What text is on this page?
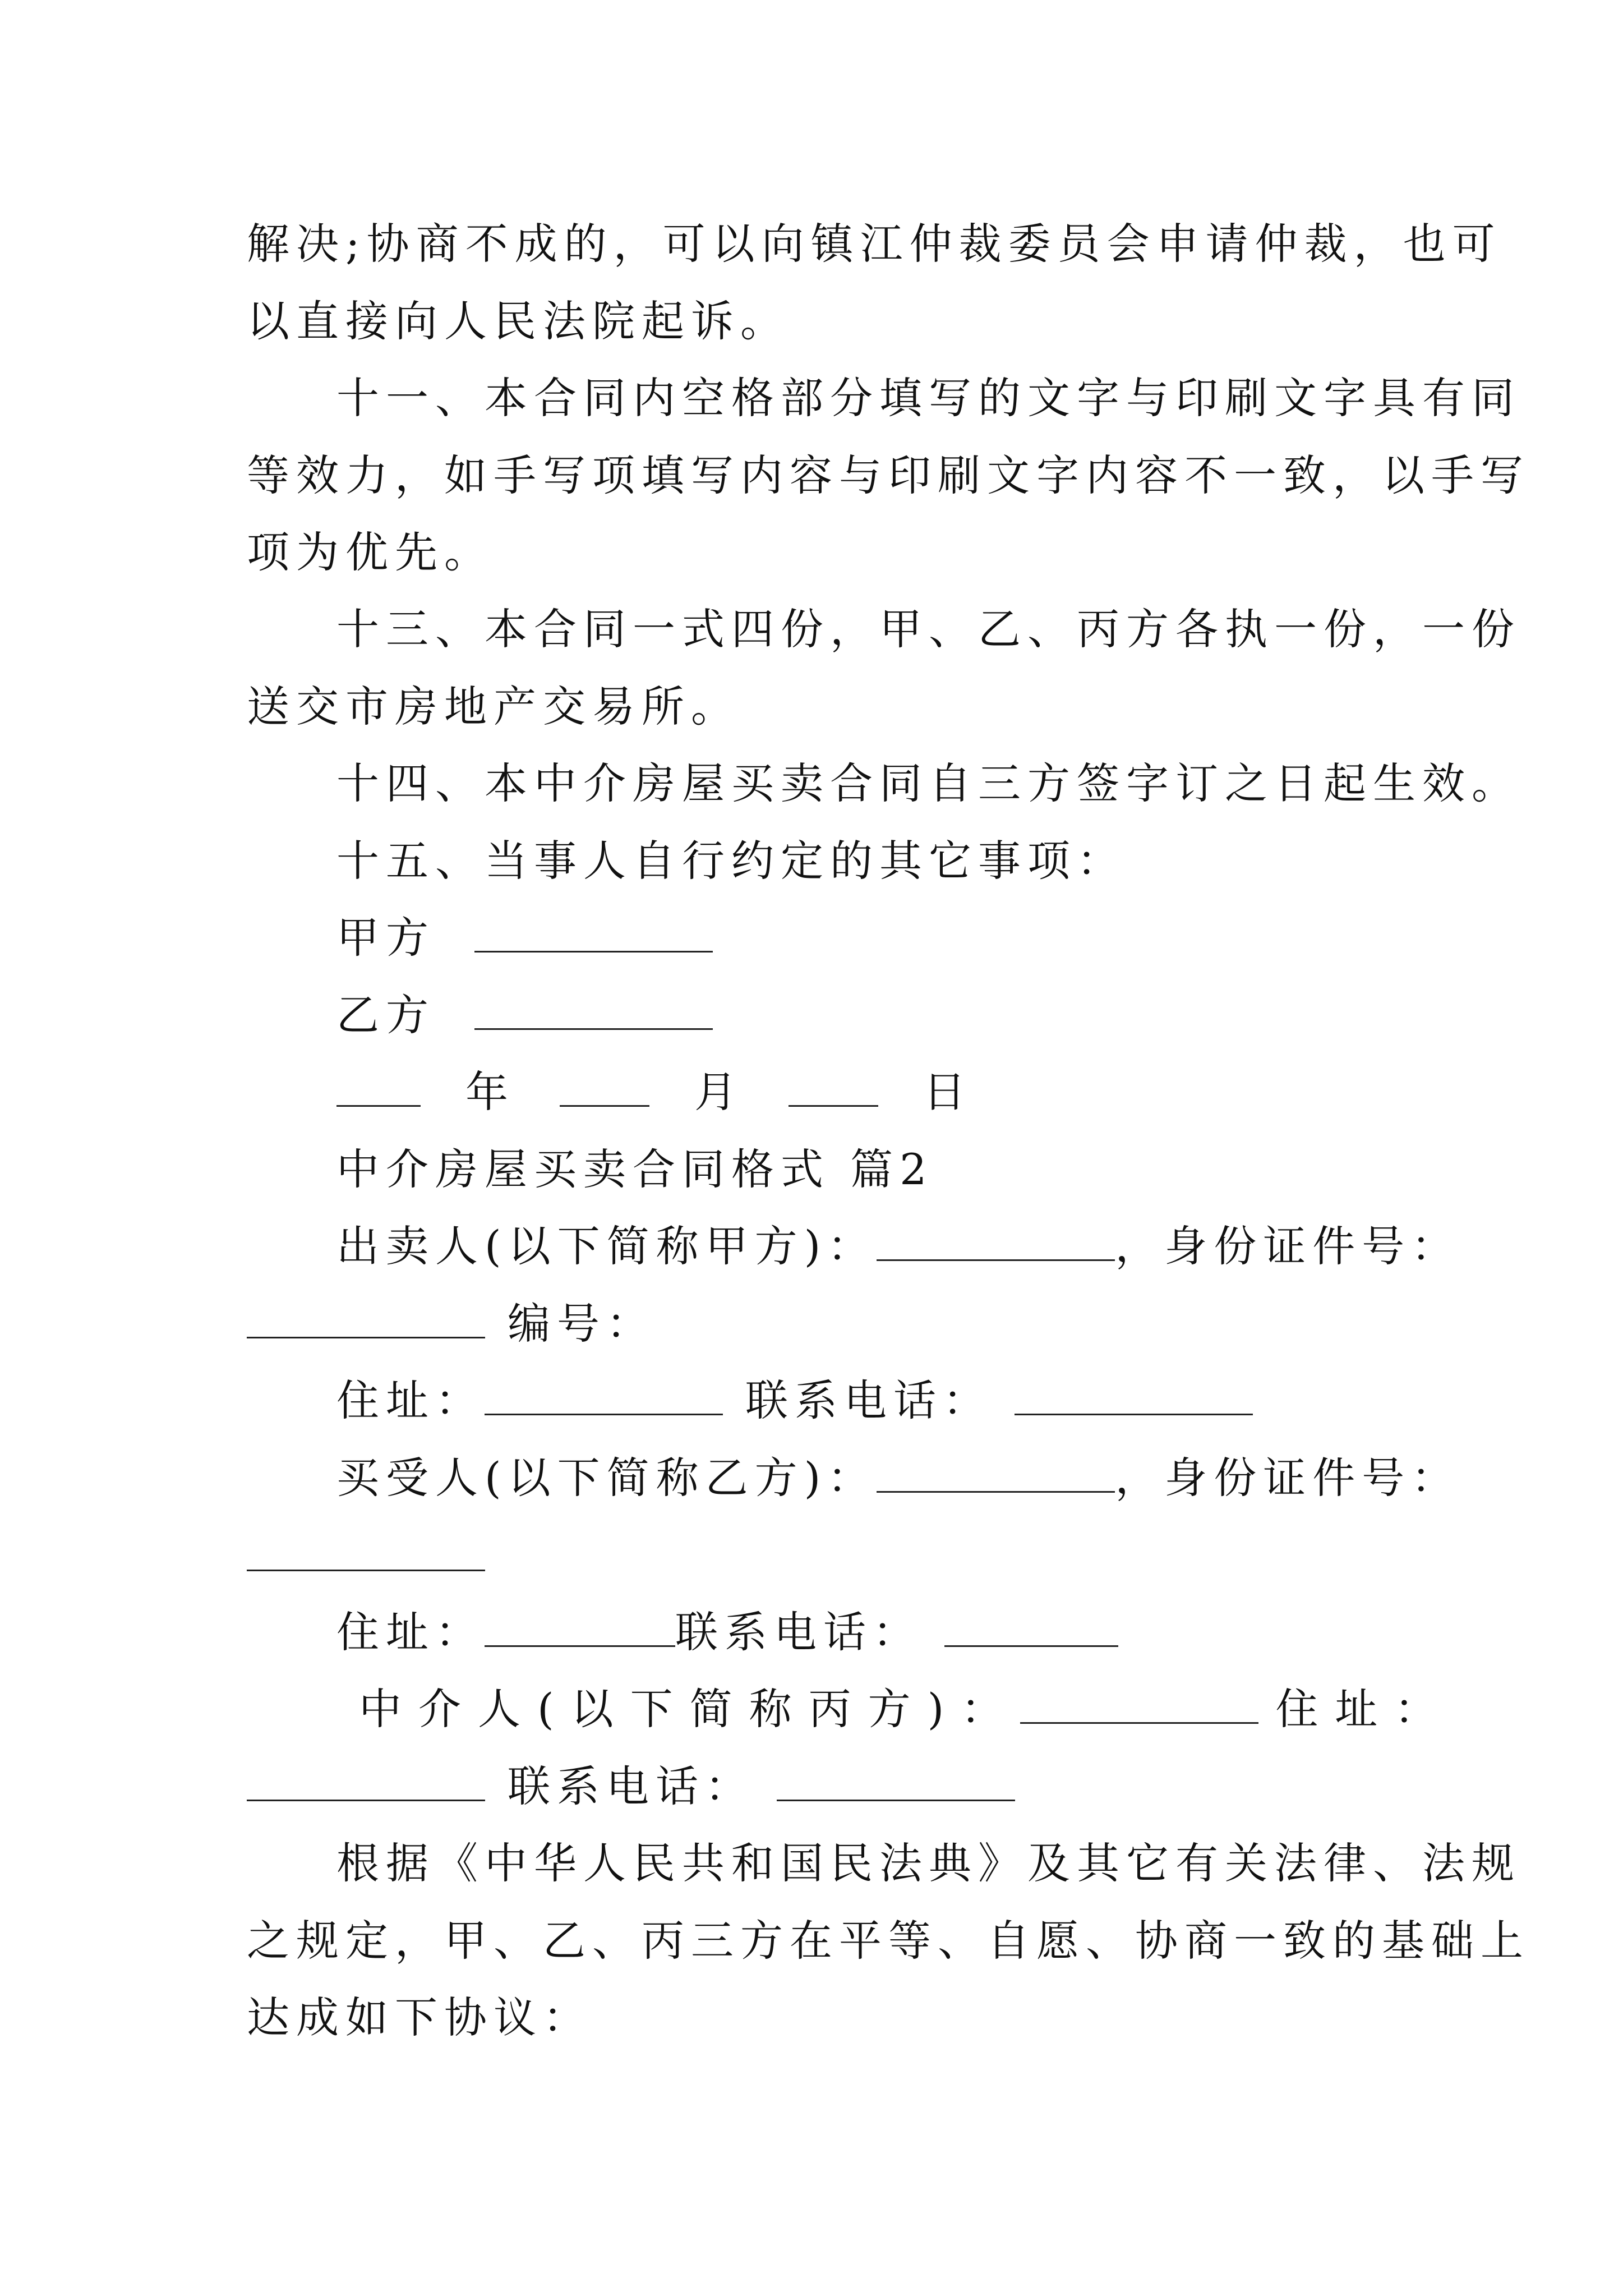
解决;协商不成的，可以向镇江仲裁委员会申请仲裁，也可
以直接向人民法院起诉。
十一、本合同内空格部分填写的文字与印刷文字具有同
等效力，如手写项填写内容与印刷文字内容不一致，以手写
项为优先。
十三、本合同一式四份，甲、乙、丙方各执一份，一份
送交市房地产交易所。
十四、本中介房屋买卖合同自三方签字订之日起生效。
十五、当事人自行约定的其它事项：
甲方
乙方
年	月	日
中介房屋买卖合同格式 篇2
出卖人(以下简称甲方)：	，身份证件号：
编号：
住址：	联系电话：
买受人(以下简称乙方)：	，身份证件号：
住址：	联系电话：
中介人(以下简称丙方)：	住址：
联系电话：
根据《中华人民共和国民法典》及其它有关法律、法规
之规定，甲、乙、丙三方在平等、自愿、协商一致的基础上
达成如下协议：
